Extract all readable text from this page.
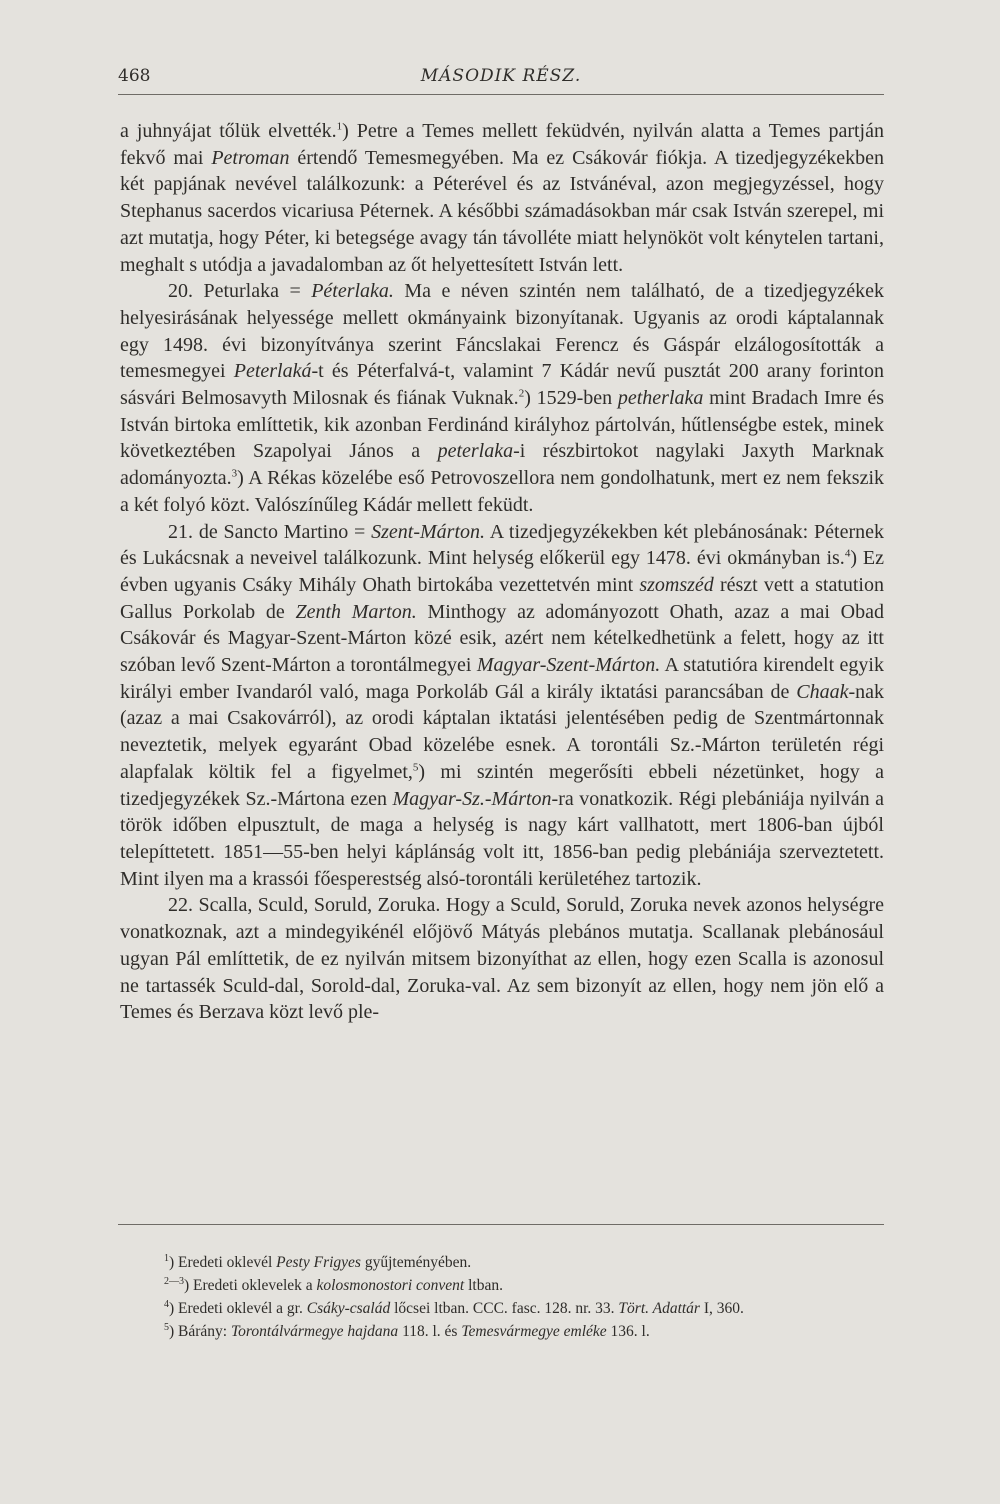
468	MÁSODIK RÉSZ.

a juhnyájat tőlük elvették.$^1$) Petre a Temes mellett feküdvén, nyilván alatta a Temes partján fekvő mai Petroman értendő Temesmegyében. Ma ez Csákovár fiókja. A tizedjegyzékekben két papjának nevével találkozunk: a Péterével és az Istvánéval, azon megjegyzéssel, hogy Stephanus sacerdos vicariusa Péternek. A későbbi számadásokban már csak István szerepel, mi azt mutatja, hogy Péter, ki betegsége avagy tán távolléte miatt helynököt volt kénytelen tartani, meghalt s utódja a javadalomban az őt helyettesített István lett.

20. Peturlaka = Péterlaka. Ma e néven szintén nem található, de a tizedjegyzékek helyesirásának helyessége mellett okmányaink bizonyítanak. Ugyanis az orodi káptalannak egy 1498. évi bizonyítványa szerint Fáncslakai Ferencz és Gáspár elzálogosították a temesmegyei Peterlaká-t és Péterfalvá-t, valamint 7 Kádár nevű pusztát 200 arany forinton sásvári Belmosavyth Milosnak és fiának Vuknak.$^2$) 1529-ben petherlaka mint Bradach Imre és István birtoka említtetik, kik azonban Ferdinánd királyhoz pártolván, hűtlenségbe estek, minek következtében Szapolyai János a peterlaka-i részbirtokot nagylaki Jaxyth Marknak adományozta.$^3$) A Rékas közelébe eső Petrovoszellora nem gondolhatunk, mert ez nem fekszik a két folyó közt. Valószínűleg Kádár mellett feküdt.

21. de Sancto Martino = Szent-Márton. A tizedjegyzékekben két plebánosának: Péternek és Lukácsnak a neveivel találkozunk. Mint helység előkerül egy 1478. évi okmányban is.$^4$) Ez évben ugyanis Csáky Mihály Ohath birtokába vezettetvén mint szomszéd részt vett a statution Gallus Porkolab de Zenth Marton. Minthogy az adományozott Ohath, azaz a mai Obad Csákovár és Magyar-Szent-Márton közé esik, azért nem kételkedhetünk a felett, hogy az itt szóban levő Szent-Márton a torontálmegyei Magyar-Szent-Márton. A statutióra kirendelt egyik királyi ember Ivandaról való, maga Porkoláb Gál a király iktatási parancsában de Chaak-nak (azaz a mai Csakovárról), az orodi káptalan iktatási jelentésében pedig de Szentmártonnak neveztetik, melyek egyaránt Obad közelébe esnek. A torontáli Sz.-Márton területén régi alapfalak költik fel a figyelmet,$^5$) mi szintén megerősíti ebbeli nézetünket, hogy a tizedjegyzékek Sz.-Mártona ezen Magyar-Sz.-Márton-ra vonatkozik. Régi plebániája nyilván a török időben elpusztult, de maga a helység is nagy kárt vallhatott, mert 1806-ban újból telepíttetett. 1851—55-ben helyi káplánság volt itt, 1856-ban pedig plebániája szerveztetett. Mint ilyen ma a krassói főesperestség alsó-torontáli kerületéhez tartozik.

22. Scalla, Sculd, Soruld, Zoruka. Hogy a Sculd, Soruld, Zoruka nevek azonos helységre vonatkoznak, azt a mindegyikénél előjövő Mátyás plebános mutatja. Scallanak plebánosául ugyan Pál említtetik, de ez nyilván mitsem bizonyíthat az ellen, hogy ezen Scalla is azonosul ne tartassék Sculd-dal, Sorold-dal, Zoruka-val. Az sem bizonyít az ellen, hogy nem jön elő a Temes és Berzava közt levő ple-

$^1$) Eredeti oklevél Pesty Frigyes gyűjteményében.

$^{2—3}$) Eredeti oklevelek a kolosmonostori convent ltban.

$^4$) Eredeti oklevél a gr. Csáky-család lőcsei ltban. CCC. fasc. 128. nr. 33. Tört. Adattár I, 360.

$^5$) Bárány: Torontálvármegye hajdana 118. l. és Temesvármegye emléke 136. l.
